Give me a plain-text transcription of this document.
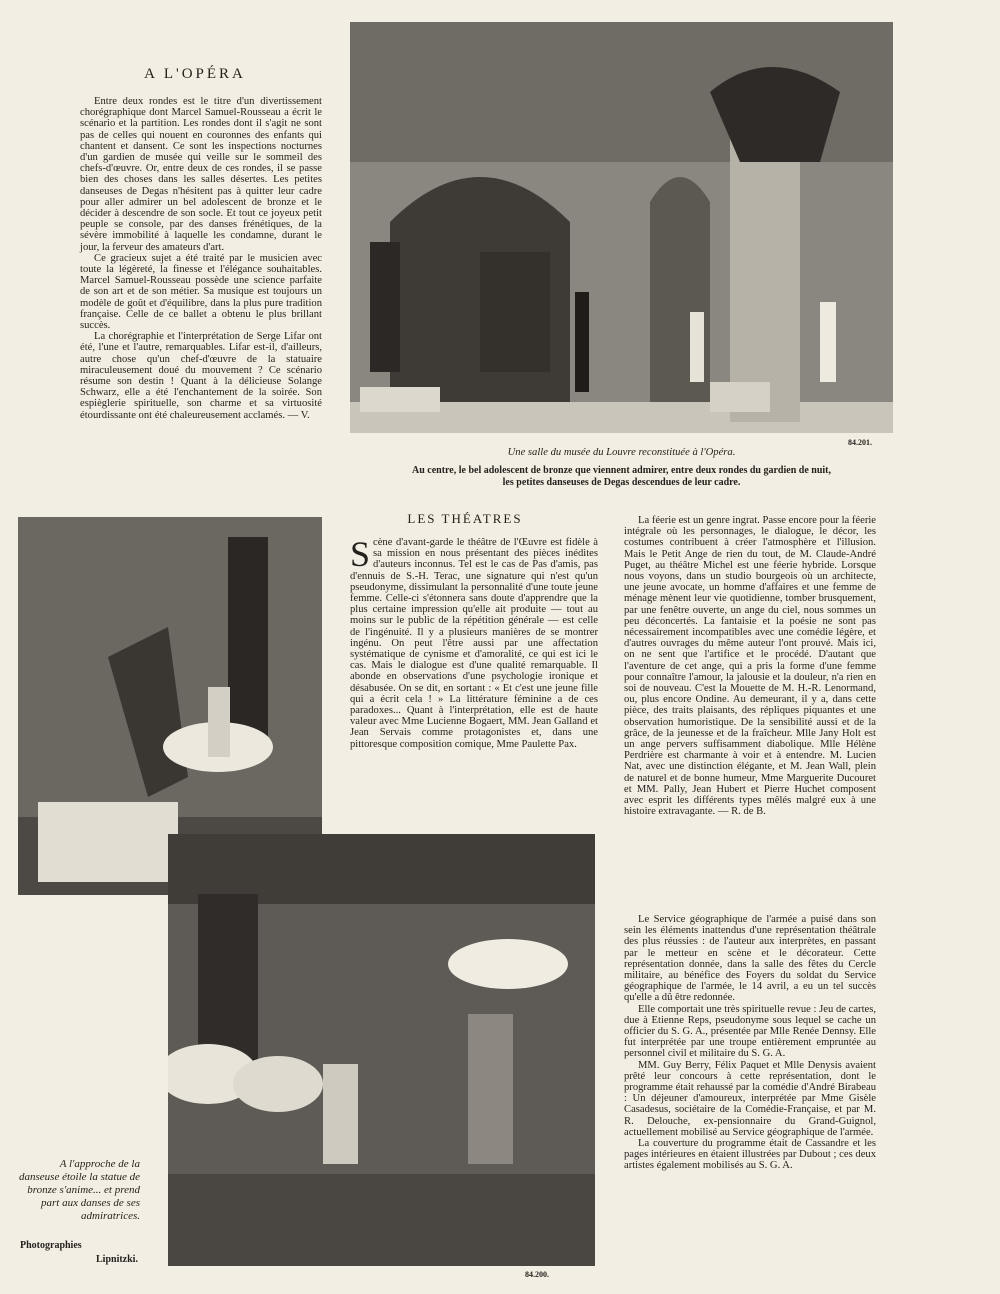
A L'OPÉRA

Entre deux rondes est le titre d'un divertissement chorégraphique dont Marcel Samuel-Rousseau a écrit le scénario et la partition. Les rondes dont il s'agit ne sont pas de celles qui nouent en couronnes des enfants qui chantent et dansent. Ce sont les inspections nocturnes d'un gardien de musée qui veille sur le sommeil des chefs-d'œuvre. Or, entre deux de ces rondes, il se passe bien des choses dans les salles désertes. Les petites danseuses de Degas n'hésitent pas à quitter leur cadre pour aller admirer un bel adolescent de bronze et le décider à descendre de son socle. Et tout ce joyeux petit peuple se console, par des danses frénétiques, de la sévère immobilité à laquelle les condamne, durant le jour, la ferveur des amateurs d'art.

Ce gracieux sujet a été traité par le musicien avec toute la légèreté, la finesse et l'élégance souhaitables. Marcel Samuel-Rousseau possède une science parfaite de son art et de son métier. Sa musique est toujours un modèle de goût et d'équilibre, dans la plus pure tradition française. Celle de ce ballet a obtenu le plus brillant succès.

La chorégraphie et l'interprétation de Serge Lifar ont été, l'une et l'autre, remarquables. Lifar est-il, d'ailleurs, autre chose qu'un chef-d'œuvre de la statuaire miraculeusement doué du mouvement ? Ce scénario résume son destin ! Quant à la délicieuse Solange Schwarz, elle a été l'enchantement de la soirée. Son espièglerie spirituelle, son charme et sa virtuosité étourdissante ont été chaleureusement acclamés. — V.

84.201.
Une salle du musée du Louvre reconstituée à l'Opéra.
Au centre, le bel adolescent de bronze que viennent admirer, entre deux rondes du gardien de nuit,
les petites danseuses de Degas descendues de leur cadre.
84.200.
A l'approche de la danseuse étoile la statue de bronze s'anime... et prend part aux danses de ses admiratrices.
Photographies
Lipnitzki.
LES THÉATRES
S cène d'avant-garde le théâtre de l'Œuvre est fidèle à sa mission en nous présentant des pièces inédites d'auteurs inconnus. Tel est le cas de Pas d'amis, pas d'ennuis de S.-H. Terac, une signature qui n'est qu'un pseudonyme, dissimulant la personnalité d'une toute jeune femme. Celle-ci s'étonnera sans doute d'apprendre que la plus certaine impression qu'elle ait produite — tout au moins sur le public de la répétition générale — est celle de l'ingénuité. Il y a plusieurs manières de se montrer ingénu. On peut l'être aussi par une affectation systématique de cynisme et d'amoralité, ce qui est ici le cas. Mais le dialogue est d'une qualité remarquable. Il abonde en observations d'une psychologie ironique et désabusée. On se dit, en sortant : « Et c'est une jeune fille qui a écrit cela ! » La littérature féminine a de ces paradoxes... Quant à l'interprétation, elle est de haute valeur avec Mme Lucienne Bogaert, MM. Jean Galland et Jean Servais comme protagonistes et, dans une pittoresque composition comique, Mme Paulette Pax.

La féerie est un genre ingrat. Passe encore pour la féerie intégrale où les personnages, le dialogue, le décor, les costumes contribuent à créer l'atmosphère et l'illusion. Mais le Petit Ange de rien du tout, de M. Claude-André Puget, au théâtre Michel est une féerie hybride. Lorsque nous voyons, dans un studio bourgeois où un architecte, une jeune avocate, un homme d'affaires et une femme de ménage mènent leur vie quotidienne, tomber brusquement, par une fenêtre ouverte, un ange du ciel, nous sommes un peu déconcertés. La fantaisie et la poésie ne sont pas nécessairement incompatibles avec une comédie légère, et d'autres ouvrages du même auteur l'ont prouvé. Mais ici, on ne sent que l'artifice et le procédé. D'autant que l'aventure de cet ange, qui a pris la forme d'une femme pour connaître l'amour, la jalousie et la douleur, n'a rien en soi de nouveau. C'est la Mouette de M. H.-R. Lenormand, ou, plus encore Ondine. Au demeurant, il y a, dans cette pièce, des traits plaisants, des répliques piquantes et une observation humoristique. De la sensibilité aussi et de la grâce, de la jeunesse et de la fraîcheur. Mlle Jany Holt est un ange pervers suffisamment diabolique. Mlle Hélène Perdrière est charmante à voir et à entendre. M. Lucien Nat, avec une distinction élégante, et M. Jean Wall, plein de naturel et de bonne humeur, Mme Marguerite Ducouret et MM. Pally, Jean Hubert et Pierre Huchet composent avec esprit les différents types mêlés malgré eux à une histoire extravagante. — R. de B.

Le Service géographique de l'armée a puisé dans son sein les éléments inattendus d'une représentation théâtrale des plus réussies : de l'auteur aux interprètes, en passant par le metteur en scène et le décorateur. Cette représentation donnée, dans la salle des fêtes du Cercle militaire, au bénéfice des Foyers du soldat du Service géographique de l'armée, le 14 avril, a eu un tel succès qu'elle a dû être redonnée.

Elle comportait une très spirituelle revue : Jeu de cartes, due à Etienne Reps, pseudonyme sous lequel se cache un officier du S. G. A., présentée par Mlle Renée Dennsy. Elle fut interprétée par une troupe entièrement empruntée au personnel civil et militaire du S. G. A.

MM. Guy Berry, Félix Paquet et Mlle Denysis avaient prêté leur concours à cette représentation, dont le programme était rehaussé par la comédie d'André Birabeau : Un déjeuner d'amoureux, interprétée par Mme Gisèle Casadesus, sociétaire de la Comédie-Française, et par M. R. Delouche, ex-pensionnaire du Grand-Guignol, actuellement mobilisé au Service géographique de l'armée.

La couverture du programme était de Cassandre et les pages intérieures en étaient illustrées par Dubout ; ces deux artistes également mobilisés au S. G. A.
